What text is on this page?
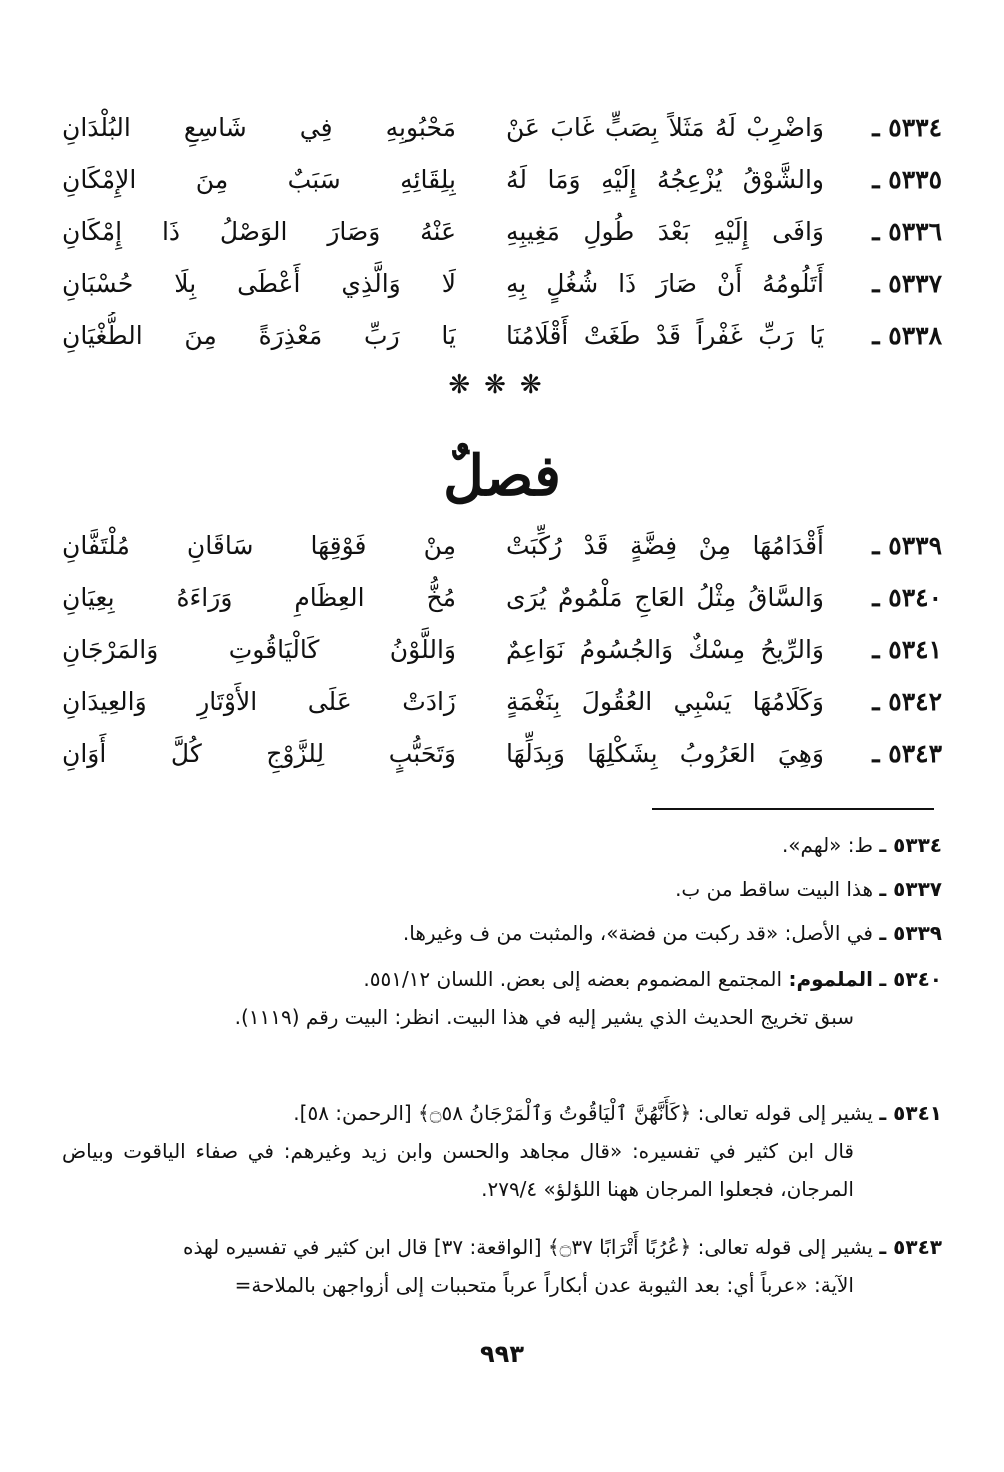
٥٣٣٤ ـ
وَاضْرِبْ لَهُ مَثَلاً بِصَبٍّ غَابَ عَنْ
مَحْبُوبِهِ فِي شَاسِعِ البُلْدَانِ
٥٣٣٥ ـ
والشَّوْقُ يُزْعِجُهُ إِلَيْهِ وَمَا لَهُ
بِلِقَائِهِ سَبَبٌ مِنَ الإِمْكَانِ
٥٣٣٦ ـ
وَافَى إِلَيْهِ بَعْدَ طُولِ مَغِيبِهِ
عَنْهُ وَصَارَ الوَصْلُ ذَا إِمْكَانِ
٥٣٣٧ ـ
أَتَلُومُهُ أَنْ صَارَ ذَا شُغُلٍ بِهِ
لَا وَالَّذِي أَعْطَى بِلَا حُسْبَانِ
٥٣٣٨ ـ
يَا رَبِّ غَفْراً قَدْ طَغَتْ أَقْلَامُنَا
يَا رَبِّ مَعْذِرَةً مِنَ الطُّغْيَانِ
❋❋❋
فصلٌ
٥٣٣٩ ـ
أَقْدَامُهَا مِنْ فِضَّةٍ قَدْ رُكِّبَتْ
مِنْ فَوْقِهَا سَاقَانِ مُلْتَفَّانِ
٥٣٤٠ ـ
وَالسَّاقُ مِثْلُ العَاجِ مَلْمُومٌ يُرَى
مُخُّ العِظَامِ وَرَاءَهُ بِعِيَانِ
٥٣٤١ ـ
وَالرِّيحُ مِسْكٌ وَالجُسُومُ نَوَاعِمٌ
وَاللَّوْنُ كَالْيَاقُوتِ وَالمَرْجَانِ
٥٣٤٢ ـ
وَكَلَامُهَا يَسْبِي العُقُولَ بِنَغْمَةٍ
زَادَتْ عَلَى الأَوْتَارِ وَالعِيدَانِ
٥٣٤٣ ـ
وَهِيَ العَرُوبُ بِشَكْلِهَا وَبِدَلِّهَا
وَتَحَبُّبٍ لِلزَّوْجِ كُلَّ أَوَانِ
٥٣٣٤ ـ ط: «لهم».
٥٣٣٧ ـ هذا البيت ساقط من ب.
٥٣٣٩ ـ في الأصل: «قد ركبت من فضة»، والمثبت من ف وغيرها.
٥٣٤٠ ـ الملموم: المجتمع المضموم بعضه إلى بعض. اللسان ٥٥١/١٢.
سبق تخريج الحديث الذي يشير إليه في هذا البيت. انظر: البيت رقم (١١١٩).
٥٣٤١ ـ يشير إلى قوله تعالى: ﴿كَأَنَّهُنَّ ٱلْيَاقُوتُ وَٱلْمَرْجَانُ ۝٥٨﴾ [الرحمن: ٥٨].
قال ابن كثير في تفسيره: «قال مجاهد والحسن وابن زيد وغيرهم: في صفاء الياقوت وبياض المرجان، فجعلوا المرجان ههنا اللؤلؤ» ٢٧٩/٤.
٥٣٤٣ ـ يشير إلى قوله تعالى: ﴿عُرُبًا أَتْرَابًا ۝٣٧﴾ [الواقعة: ٣٧] قال ابن كثير في تفسيره لهذه
الآية: «عرباً أي: بعد الثيوبة عدن أبكاراً عرباً متحببات إلى أزواجهن بالملاحة=
٩٩٣
